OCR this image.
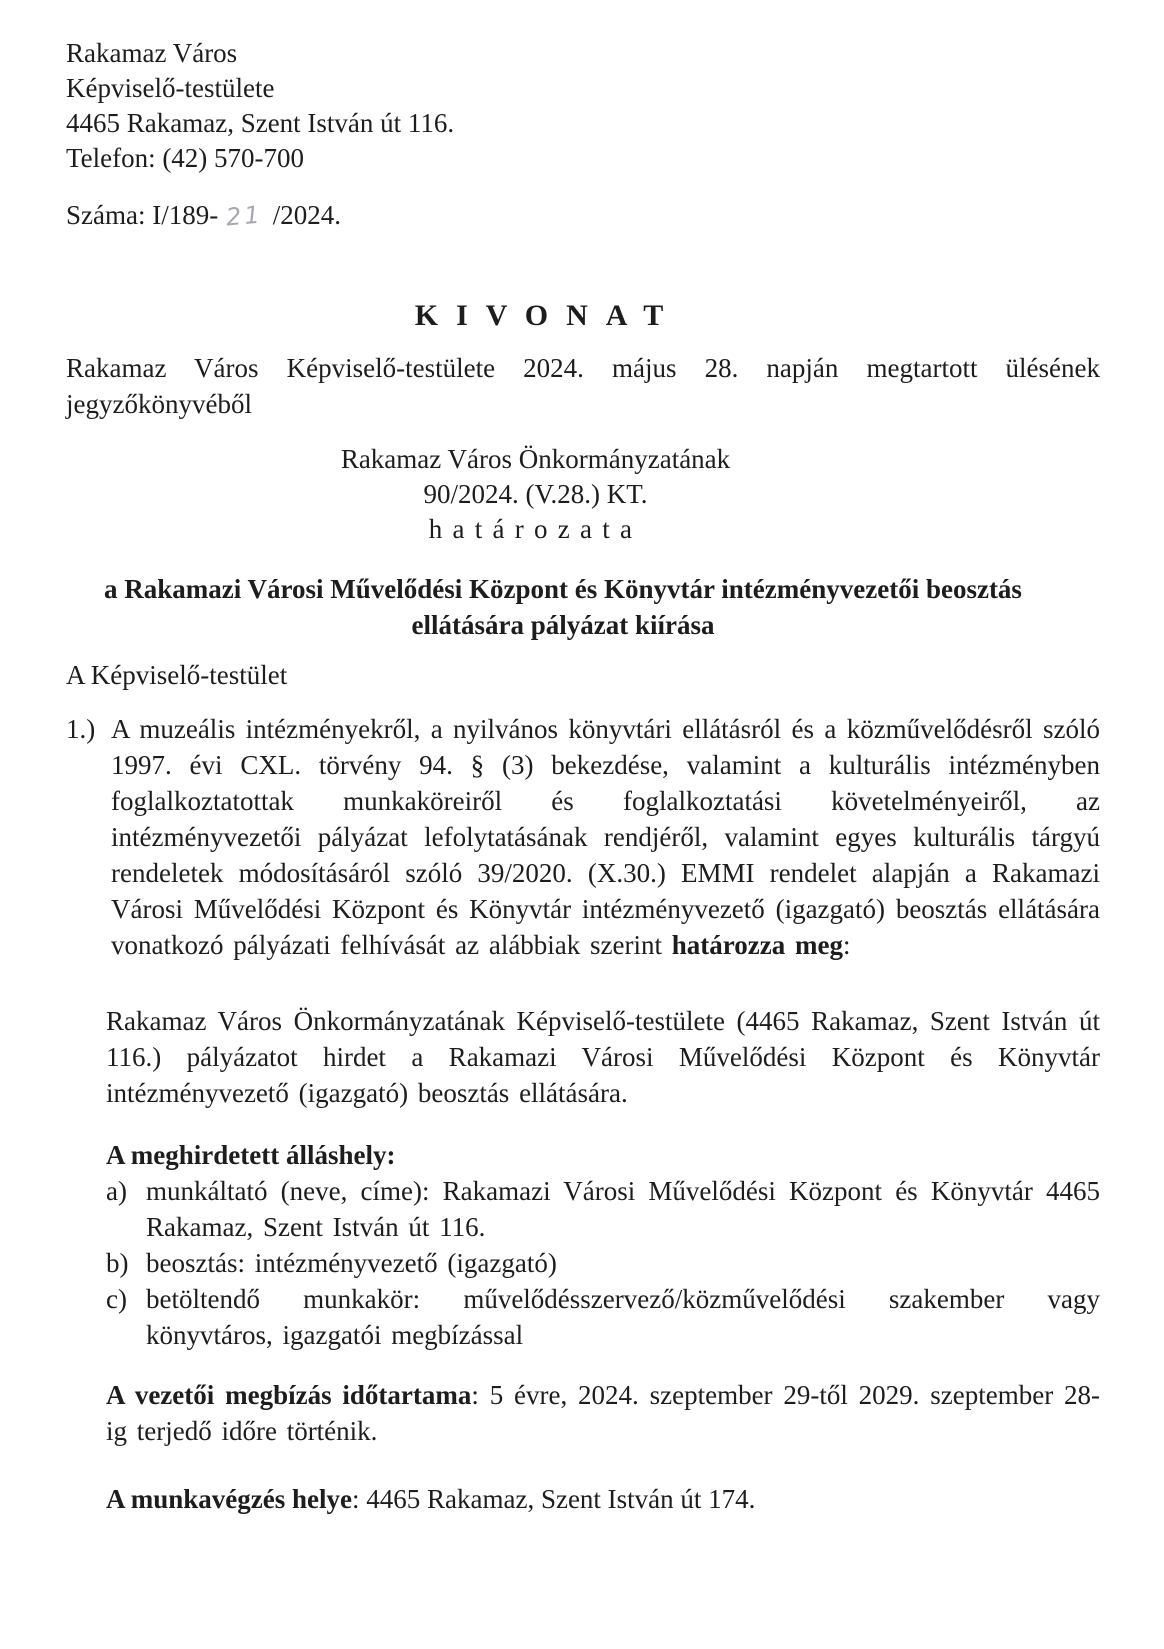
Rakamaz Város
Képviselő-testülete
4465 Rakamaz, Szent István út 116.
Telefon: (42) 570-700
Száma: I/189- 21 /2024.
KIVONAT

Rakamaz Város Képviselő-testülete 2024. május 28. napján megtartott ülésének jegyzőkönyvéből

Rakamaz Város Önkormányzatának
90/2024. (V.28.) KT.
határozata
a Rakamazi Városi Művelődési Központ és Könyvtár intézményvezetői beosztás ellátására pályázat kiírása

A Képviselő-testület

1.) A muzeális intézményekről, a nyilvános könyvtári ellátásról és a közművelődésről szóló 1997. évi CXL. törvény 94. § (3) bekezdése, valamint a kulturális intézményben foglalkoztatottak munkaköreiről és foglalkoztatási követelményeiről, az intézményvezetői pályázat lefolytatásának rendjéről, valamint egyes kulturális tárgyú rendeletek módosításáról szóló 39/2020. (X.30.) EMMI rendelet alapján a Rakamazi Városi Művelődési Központ és Könyvtár intézményvezető (igazgató) beosztás ellátására vonatkozó pályázati felhívását az alábbiak szerint határozza meg:

Rakamaz Város Önkormányzatának Képviselő-testülete (4465 Rakamaz, Szent István út 116.) pályázatot hirdet a Rakamazi Városi Művelődési Központ és Könyvtár intézményvezető (igazgató) beosztás ellátására.

A meghirdetett álláshely:
a) munkáltató (neve, címe): Rakamazi Városi Művelődési Központ és Könyvtár 4465 Rakamaz, Szent István út 116.

b) beosztás: intézményvezető (igazgató)

c) betöltendő munkakör: művelődésszervező/közművelődési szakember vagy könyvtáros, igazgatói megbízással

A vezetői megbízás időtartama: 5 évre, 2024. szeptember 29-től 2029. szeptember 28-ig terjedő időre történik.

A munkavégzés helye: 4465 Rakamaz, Szent István út 174.
